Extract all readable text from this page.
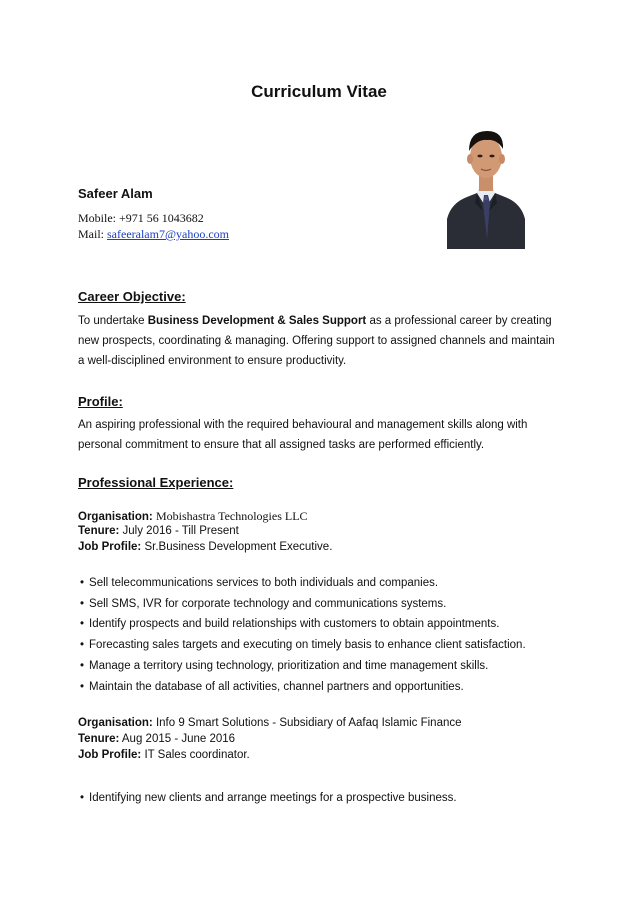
Curriculum Vitae
Safeer Alam
Mobile: +971 56 1043682
Mail: safeeralam7@yahoo.com
Career Objective:
To undertake Business Development & Sales Support as a professional career by creating new prospects, coordinating & managing. Offering support to assigned channels and maintain a well-disciplined environment to ensure productivity.
Profile:
An aspiring professional with the required behavioural and management skills along with personal commitment to ensure that all assigned tasks are performed efficiently.
Professional Experience:
Organisation: Mobishastra Technologies LLC
Tenure: July 2016 - Till Present
Job Profile: Sr.Business Development Executive.
• Sell telecommunications services to both individuals and companies.
• Sell SMS, IVR for corporate technology and communications systems.
• Identify prospects and build relationships with customers to obtain appointments.
• Forecasting sales targets and executing on timely basis to enhance client satisfaction.
• Manage a territory using technology, prioritization and time management skills.
• Maintain the database of all activities, channel partners and opportunities.
Organisation: Info 9 Smart Solutions - Subsidiary of Aafaq Islamic Finance
Tenure: Aug 2015 - June 2016
Job Profile: IT Sales coordinator.
• Identifying new clients and arrange meetings for a prospective business.
